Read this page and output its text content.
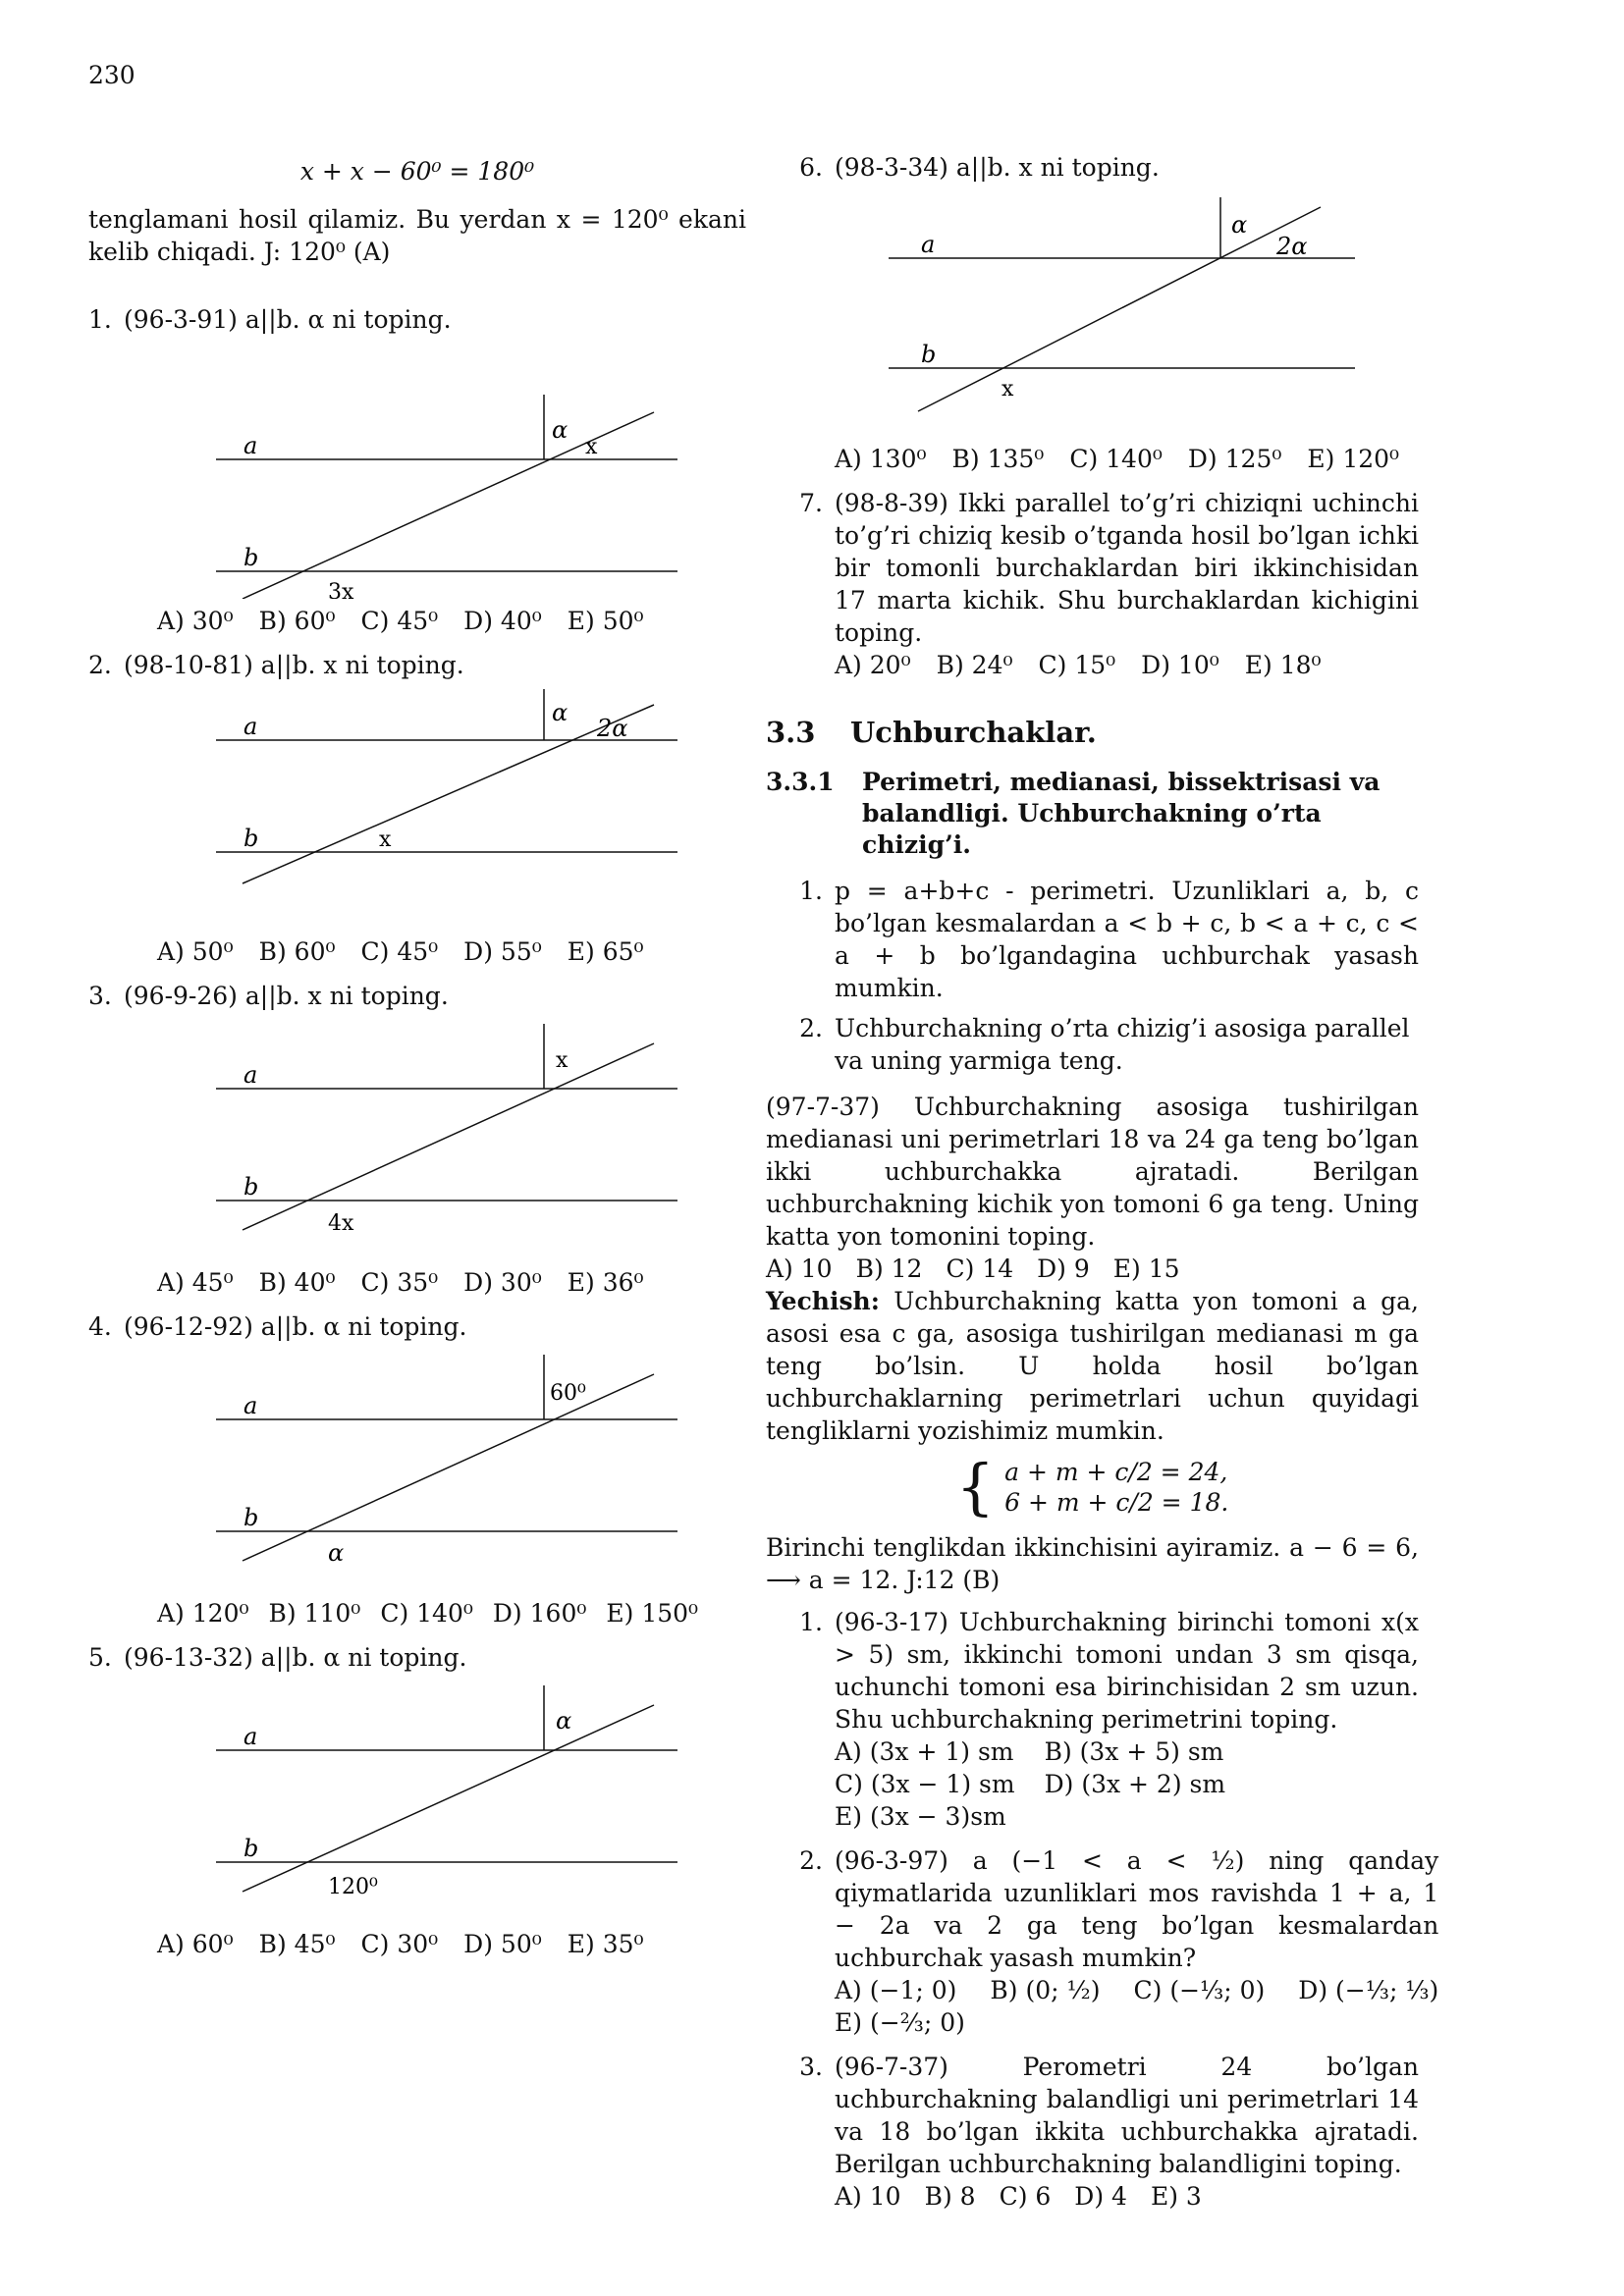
230
x + x − 60⁰ = 180⁰
tenglamani hosil qilamiz. Bu yerdan x = 120⁰ ekani kelib chiqadi. J: 120⁰ (A)
1. (96-3-91) a||b. α ni toping.
a
b
α
x
3x
A) 30⁰ B) 60⁰ C) 45⁰ D) 40⁰ E) 50⁰
2. (98-10-81) a||b. x ni toping.
a
b
α
2α
x
A) 50⁰ B) 60⁰ C) 45⁰ D) 55⁰ E) 65⁰
3. (96-9-26) a||b. x ni toping.
a
b
x
4x
A) 45⁰ B) 40⁰ C) 35⁰ D) 30⁰ E) 36⁰
4. (96-12-92) a||b. α ni toping.
a
b
60⁰
α
A) 120⁰ B) 110⁰ C) 140⁰ D) 160⁰ E) 150⁰
5. (96-13-32) a||b. α ni toping.
a
b
α
120⁰
A) 60⁰ B) 45⁰ C) 30⁰ D) 50⁰ E) 35⁰
6. (98-3-34) a||b. x ni toping.
a
b
α
2α
x
A) 130⁰ B) 135⁰ C) 140⁰ D) 125⁰ E) 120⁰
7. (98-8-39) Ikki parallel to’g’ri chiziqni uchinchi to’g’ri chiziq kesib o’tganda hosil bo’lgan ichki bir tomonli burchaklardan biri ikkinchisidan 17 marta kichik. Shu burchaklardan kichigini toping.
A) 20⁰ B) 24⁰ C) 15⁰ D) 10⁰ E) 18⁰
3.3 Uchburchaklar.
3.3.1	Perimetri, medianasi, bissektrisasi va balandligi. Uchburchakning o’rta chizig’i.
1. p = a+b+c - perimetri. Uzunliklari a, b, c bo’lgan kesmalardan a < b + c, b < a + c, c < a + b bo’lgandagina uchburchak yasash mumkin.
2. Uchburchakning o’rta chizig’i asosiga parallel va uning yarmiga teng.
(97-7-37) Uchburchakning asosiga tushirilgan medianasi uni perimetrlari 18 va 24 ga teng bo’lgan ikki uchburchakka ajratadi. Berilgan uchburchakning kichik yon tomoni 6 ga teng. Uning katta yon tomonini toping.
A) 10 B) 12 C) 14 D) 9 E) 15
Yechish: Uchburchakning katta yon tomoni a ga, asosi esa c ga, asosiga tushirilgan medianasi m ga teng bo’lsin. U holda hosil bo’lgan uchburchaklarning perimetrlari uchun quyidagi tengliklarni yozishimiz mumkin.
{ a + m + c/2 = 24,
6 + m + c/2 = 18.
Birinchi tenglikdan ikkinchisini ayiramiz. a − 6 = 6, ⟶ a = 12. J:12 (B)
1. (96-3-17) Uchburchakning birinchi tomoni x(x > 5) sm, ikkinchi tomoni undan 3 sm qisqa, uchunchi tomoni esa birinchisidan 2 sm uzun. Shu uchburchakning perimetrini toping.
A) (3x + 1) sm B) (3x + 5) sm
C) (3x − 1) sm D) (3x + 2) sm
E) (3x − 3)sm
2. (96-3-97) a (−1 < a < ½) ning qanday qiymatlarida uzunliklari mos ravishda 1 + a, 1 − 2a va 2 ga teng bo’lgan kesmalardan uchburchak yasash mumkin?
A) (−1; 0) B) (0; ½) C) (−⅓; 0) D) (−⅓; ⅓)
E) (−⅔; 0)
3. (96-7-37) Perometri 24 bo’lgan uchburchakning balandligi uni perimetrlari 14 va 18 bo’lgan ikkita uchburchakka ajratadi. Berilgan uchburchakning balandligini toping.
A) 10 B) 8 C) 6 D) 4 E) 3
